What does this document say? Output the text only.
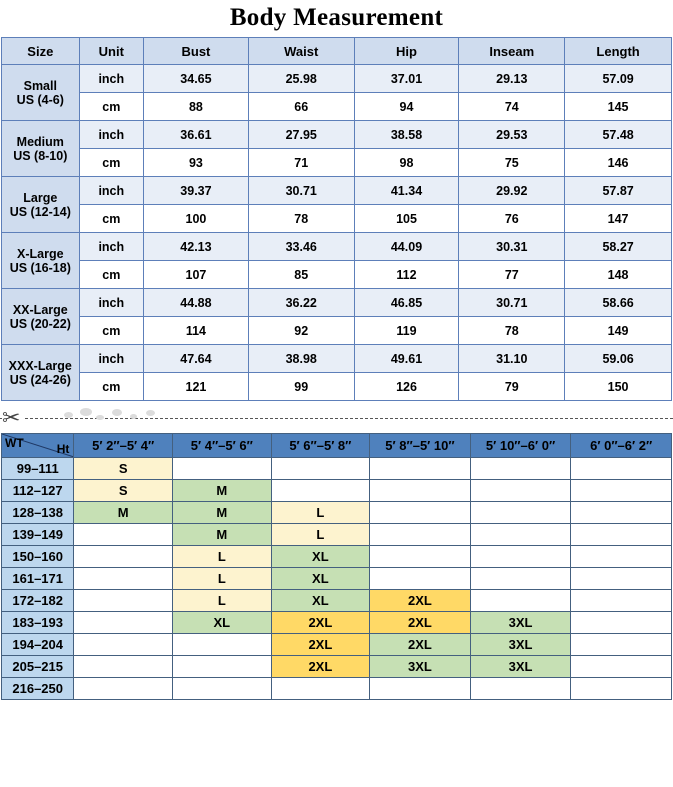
Body Measurement
Size	Unit	Bust	Waist	Hip	Inseam	Length

Small
US (4-6)	inch	34.65	25.98	37.01	29.13	57.09
	cm	88	66	94	74	145

Medium
US (8-10)	inch	36.61	27.95	38.58	29.53	57.48
	cm	93	71	98	75	146

Large
US (12-14)	inch	39.37	30.71	41.34	29.92	57.87
	cm	100	78	105	76	147

X-Large
US (16-18)	inch	42.13	33.46	44.09	30.31	58.27
	cm	107	85	112	77	148

XX-Large
US (20-22)	inch	44.88	36.22	46.85	30.71	58.66
	cm	114	92	119	78	149

XXX-Large
US (24-26)	inch	47.64	38.98	49.61	31.10	59.06
	cm	121	99	126	79	150
✂
WT Ht	5′ 2″–5′ 4″	5′ 4″–5′ 6″	5′ 6″–5′ 8″	5′ 8″–5′ 10″	5′ 10″–6′ 0″	6′ 0″–6′ 2″
99–111	S					
112–127	S	M				
128–138	M	M	L			
139–149		M	L			
150–160		L	XL			
161–171		L	XL			
172–182		L	XL	2XL		
183–193		XL	2XL	2XL	3XL	
194–204			2XL	2XL	3XL	
205–215			2XL	3XL	3XL	
216–250						
